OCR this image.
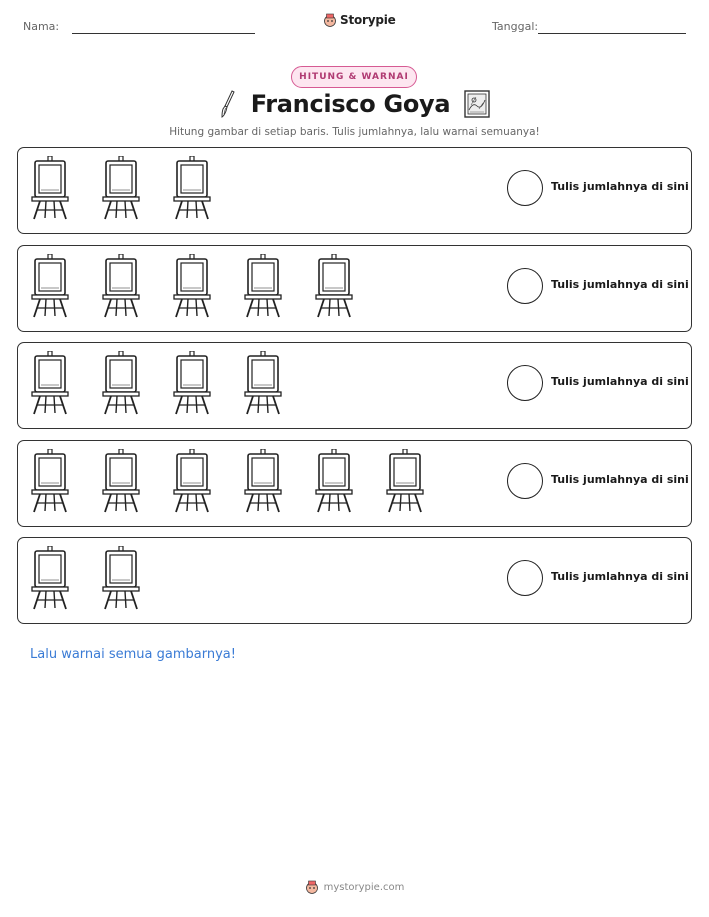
Nama:	Storypie	Tanggal:
HITUNG & WARNAI
Francisco Goya
Hitung gambar di setiap baris. Tulis jumlahnya, lalu warnai semuanya!
Tulis jumlahnya di sini
Tulis jumlahnya di sini
Tulis jumlahnya di sini
Tulis jumlahnya di sini
Tulis jumlahnya di sini
Lalu warnai semua gambarnya!
mystorypie.com
